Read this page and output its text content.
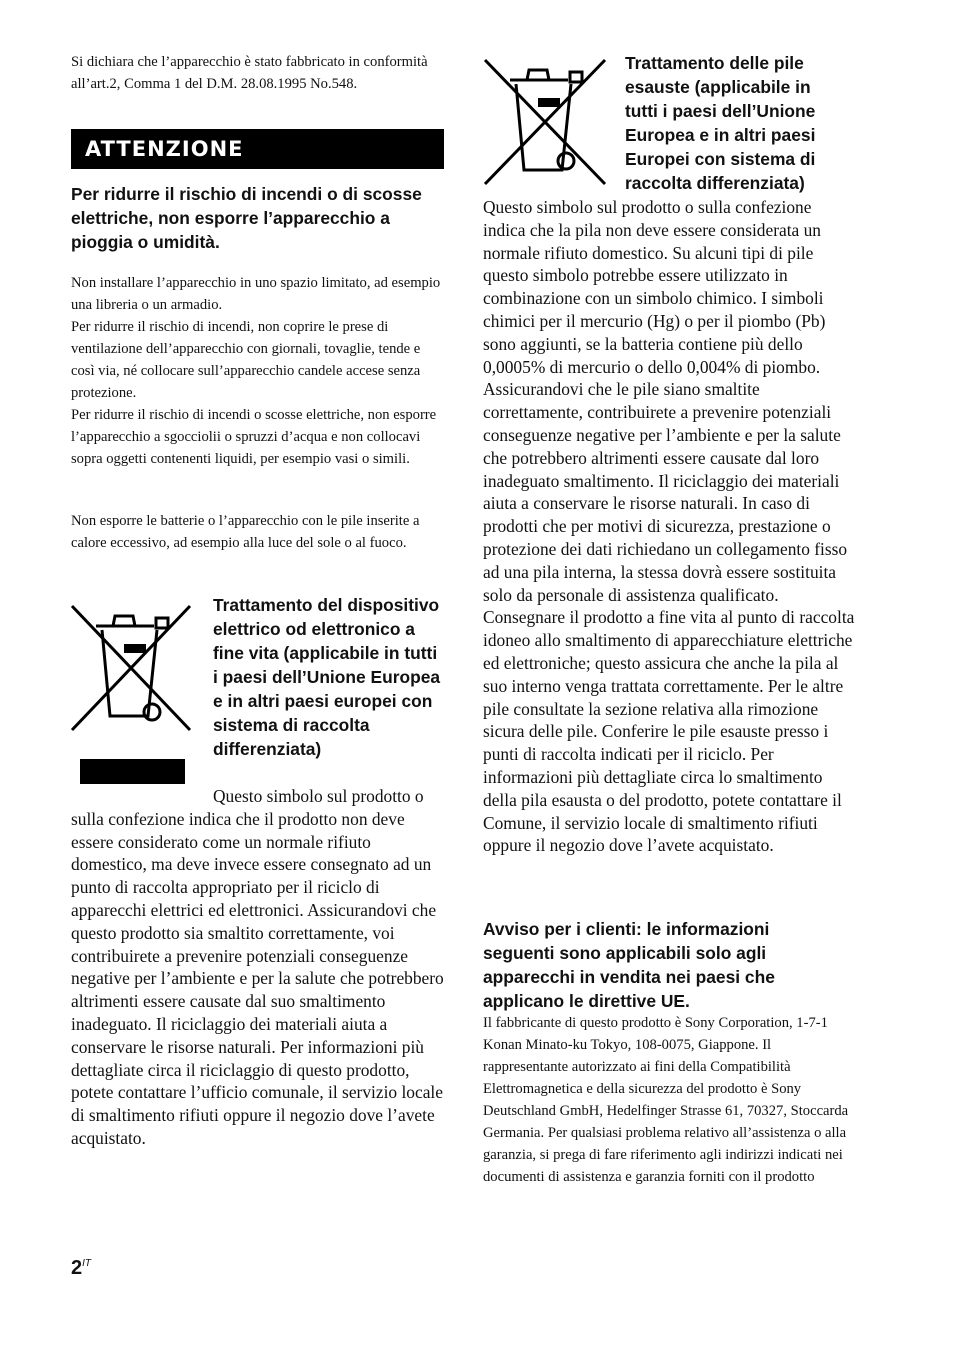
Si dichiara che l’apparecchio è stato fabbricato in conformità all’art.2, Comma 1 del D.M. 28.08.1995 No.548.

ATTENZIONE

Per ridurre il rischio di incendi o di scosse elettriche, non esporre l’apparecchio a pioggia o umidità.

Non installare l’apparecchio in uno spazio limitato, ad esempio una libreria o un armadio.

Per ridurre il rischio di incendi, non coprire le prese di ventilazione dell’apparecchio con giornali, tovaglie, tende e così via, né collocare sull’apparecchio candele accese senza protezione.

Per ridurre il rischio di incendi o scosse elettriche, non esporre l’apparecchio a sgocciolii o spruzzi d’acqua e non collocavi sopra oggetti contenenti liquidi, per esempio vasi o simili.

Non esporre le batterie o l’apparecchio con le pile inserite a calore eccessivo, ad esempio alla luce del sole o al fuoco.

Trattamento del dispositivo elettrico od elettronico a fine vita (applicabile in tutti i paesi dell’Unione Europea e in altri paesi europei con sistema di raccolta differenziata)

Questo simbolo sul prodotto o sulla confezione indica che il prodotto non deve essere considerato come un normale rifiuto domestico, ma deve invece essere consegnato ad un punto di raccolta appropriato per il riciclo di apparecchi elettrici ed elettronici. Assicurandovi che questo prodotto sia smaltito correttamente, voi contribuirete a prevenire potenziali conseguenze negative per l’ambiente e per la salute che potrebbero altrimenti essere causate dal suo smaltimento inadeguato. Il riciclaggio dei materiali aiuta a conservare le risorse naturali. Per informazioni più dettagliate circa il riciclaggio di questo prodotto, potete contattare l’ufficio comunale, il servizio locale di smaltimento rifiuti oppure il negozio dove l’avete acquistato.

Trattamento delle pile esauste (applicabile in tutti i paesi dell’Unione Europea e in altri paesi Europei con sistema di raccolta differenziata)

Questo simbolo sul prodotto o sulla confezione indica che la pila non deve essere considerata un normale rifiuto domestico. Su alcuni tipi di pile questo simbolo potrebbe essere utilizzato in combinazione con un simbolo chimico. I simboli chimici per il mercurio (Hg) o per il piombo (Pb) sono aggiunti, se la batteria contiene più dello 0,0005% di mercurio o dello 0,004% di piombo. Assicurandovi che le pile siano smaltite correttamente, contribuirete a prevenire potenziali conseguenze negative per l’ambiente e per la salute che potrebbero altrimenti essere causate dal loro inadeguato smaltimento. Il riciclaggio dei materiali aiuta a conservare le risorse naturali. In caso di prodotti che per motivi di sicurezza, prestazione o protezione dei dati richiedano un collegamento fisso ad una pila interna, la stessa dovrà essere sostituita solo da personale di assistenza qualificato. Consegnare il prodotto a fine vita al punto di raccolta idoneo allo smaltimento di apparecchiature elettriche ed elettroniche; questo assicura che anche la pila al suo interno venga trattata correttamente. Per le altre pile consultate la sezione relativa alla rimozione sicura delle pile. Conferire le pile esauste presso i punti di raccolta indicati per il riciclo. Per informazioni più dettagliate circa lo smaltimento della pila esausta o del prodotto, potete contattare il Comune, il servizio locale di smaltimento rifiuti oppure il negozio dove l’avete acquistato.

Avviso per i clienti: le informazioni seguenti sono applicabili solo agli apparecchi in vendita nei paesi che applicano le direttive UE.

Il fabbricante di questo prodotto è Sony Corporation, 1-7-1 Konan Minato-ku Tokyo, 108-0075, Giappone. Il rappresentante autorizzato ai fini della Compatibilità Elettromagnetica e della sicurezza del prodotto è Sony Deutschland GmbH, Hedelfinger Strasse 61, 70327, Stoccarda Germania. Per qualsiasi problema relativo all’assistenza o alla garanzia, si prega di fare riferimento agli indirizzi indicati nei documenti di assistenza e garanzia forniti con il prodotto

$2^{IT}$
